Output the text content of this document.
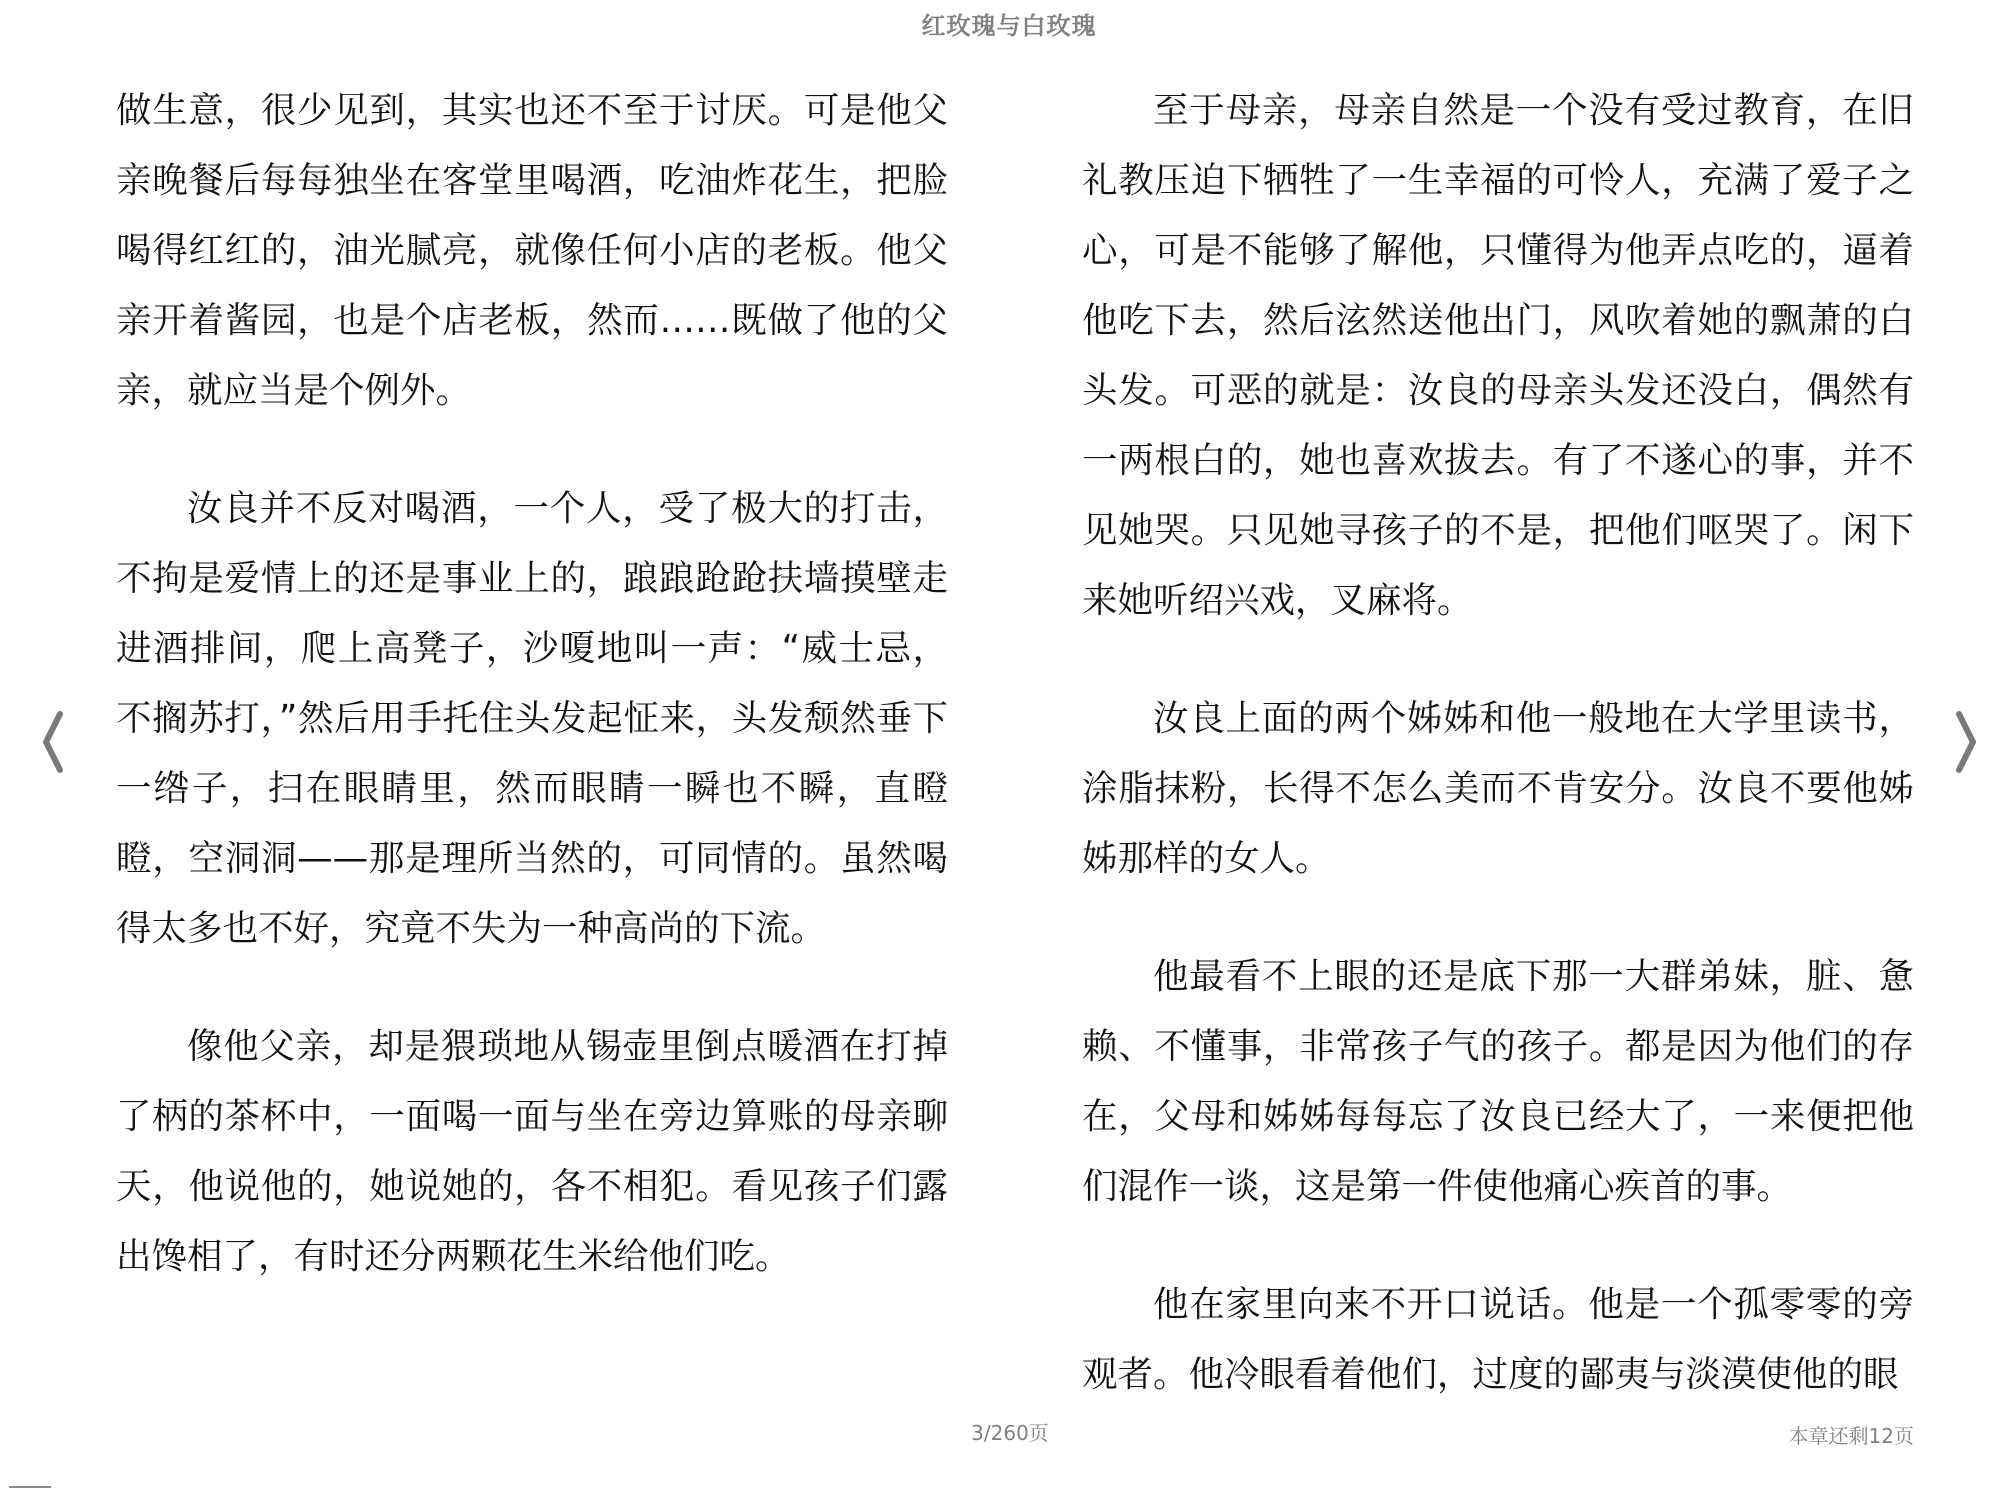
红玫瑰与白玫瑰

做生意，很少见到，其实也还不至于讨厌。可是他父亲晚餐后每每独坐在客堂里喝酒，吃油炸花生，把脸喝得红红的，油光腻亮，就像任何小店的老板。他父亲开着酱园，也是个店老板，然而……既做了他的父亲，就应当是个例外。

汝良并不反对喝酒，一个人，受了极大的打击，不拘是爱情上的还是事业上的，踉踉跄跄扶墙摸壁走进酒排间，爬上高凳子，沙嗄地叫一声：“威士忌，不搁苏打，”然后用手托住头发起怔来，头发颓然垂下一绺子，扫在眼睛里，然而眼睛一瞬也不瞬，直瞪瞪，空洞洞——那是理所当然的，可同情的。虽然喝得太多也不好，究竟不失为一种高尚的下流。

像他父亲，却是猥琐地从锡壶里倒点暖酒在打掉了柄的茶杯中，一面喝一面与坐在旁边算账的母亲聊天，他说他的，她说她的，各不相犯。看见孩子们露出馋相了，有时还分两颗花生米给他们吃。

至于母亲，母亲自然是一个没有受过教育，在旧礼教压迫下牺牲了一生幸福的可怜人，充满了爱子之心，可是不能够了解他，只懂得为他弄点吃的，逼着他吃下去，然后泫然送他出门，风吹着她的飘萧的白头发。可恶的就是：汝良的母亲头发还没白，偶然有一两根白的，她也喜欢拔去。有了不遂心的事，并不见她哭。只见她寻孩子的不是，把他们呕哭了。闲下来她听绍兴戏，叉麻将。

汝良上面的两个姊姊和他一般地在大学里读书，涂脂抹粉，长得不怎么美而不肯安分。汝良不要他姊姊那样的女人。

他最看不上眼的还是底下那一大群弟妹，脏、惫赖、不懂事，非常孩子气的孩子。都是因为他们的存在，父母和姊姊每每忘了汝良已经大了，一来便把他们混作一谈，这是第一件使他痛心疾首的事。

他在家里向来不开口说话。他是一个孤零零的旁观者。他冷眼看着他们，过度的鄙夷与淡漠使他的眼

3/260页	本章还剩12页
